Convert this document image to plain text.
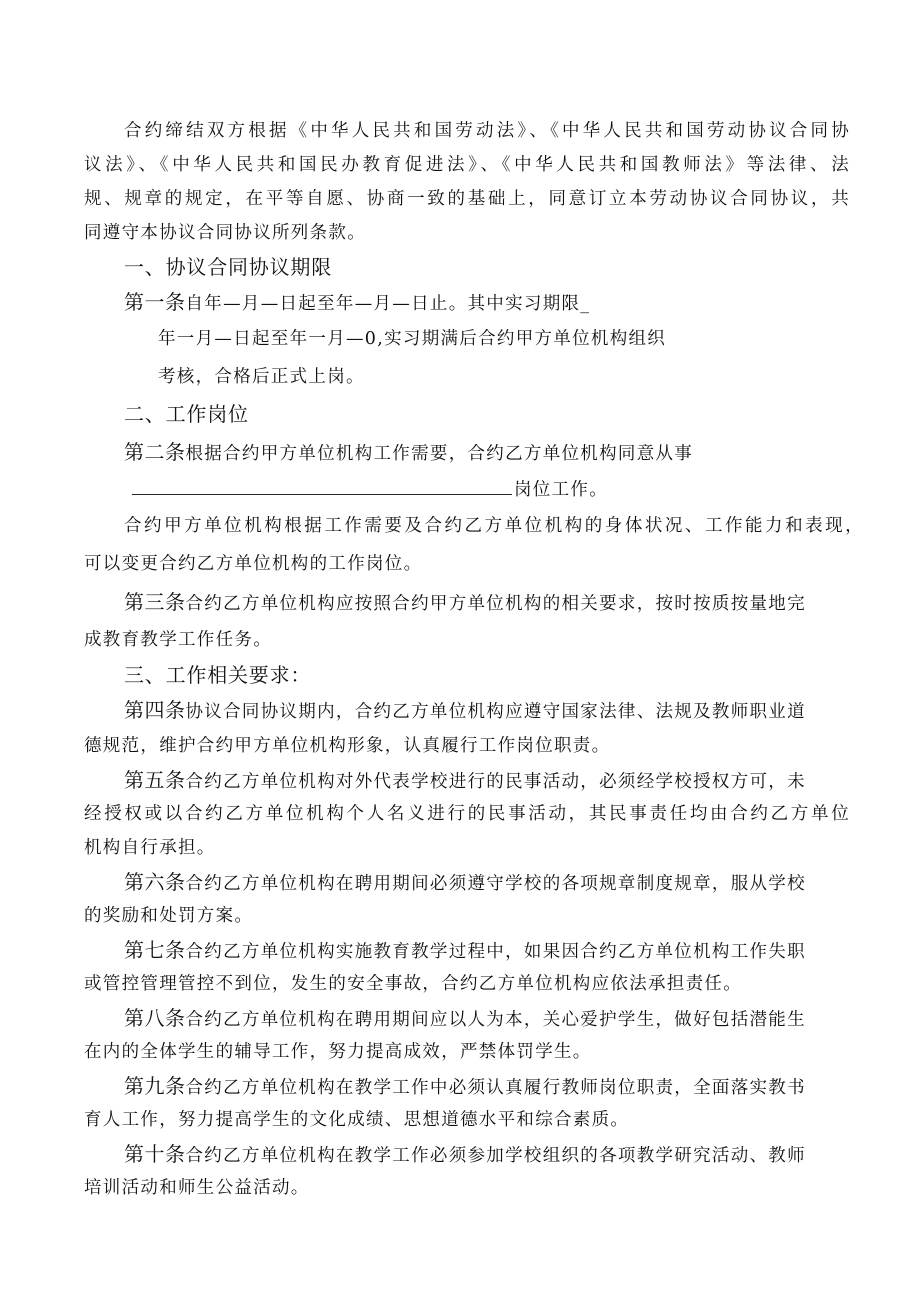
合约缔结双方根据《中华人民共和国劳动法》、《中华人民共和国劳动协议合同协
议法》、《中华人民共和国民办教育促进法》、《中华人民共和国教师法》等法律、法
规、规章的规定，在平等自愿、协商一致的基础上，同意订立本劳动协议合同协议，共
同遵守本协议合同协议所列条款。
一、协议合同协议期限
第一条自年—月—日起至年—月—日止。其中实习期限_
年一月—日起至年一月—0,实习期满后合约甲方单位机构组织
考核，合格后正式上岗。
二、工作岗位
第二条根据合约甲方单位机构工作需要，合约乙方单位机构同意从事
岗位工作。
合约甲方单位机构根据工作需要及合约乙方单位机构的身体状况、工作能力和表现，
可以变更合约乙方单位机构的工作岗位。
第三条合约乙方单位机构应按照合约甲方单位机构的相关要求，按时按质按量地完
成教育教学工作任务。
三、工作相关要求：
第四条协议合同协议期内，合约乙方单位机构应遵守国家法律、法规及教师职业道
德规范，维护合约甲方单位机构形象，认真履行工作岗位职责。
第五条合约乙方单位机构对外代表学校进行的民事活动，必须经学校授权方可，未
经授权或以合约乙方单位机构个人名义进行的民事活动，其民事责任均由合约乙方单位
机构自行承担。
第六条合约乙方单位机构在聘用期间必须遵守学校的各项规章制度规章，服从学校
的奖励和处罚方案。
第七条合约乙方单位机构实施教育教学过程中，如果因合约乙方单位机构工作失职
或管控管理管控不到位，发生的安全事故，合约乙方单位机构应依法承担责任。
第八条合约乙方单位机构在聘用期间应以人为本，关心爱护学生，做好包括潜能生
在内的全体学生的辅导工作，努力提高成效，严禁体罚学生。
第九条合约乙方单位机构在教学工作中必须认真履行教师岗位职责，全面落实教书
育人工作，努力提高学生的文化成绩、思想道德水平和综合素质。
第十条合约乙方单位机构在教学工作必须参加学校组织的各项教学研究活动、教师
培训活动和师生公益活动。
